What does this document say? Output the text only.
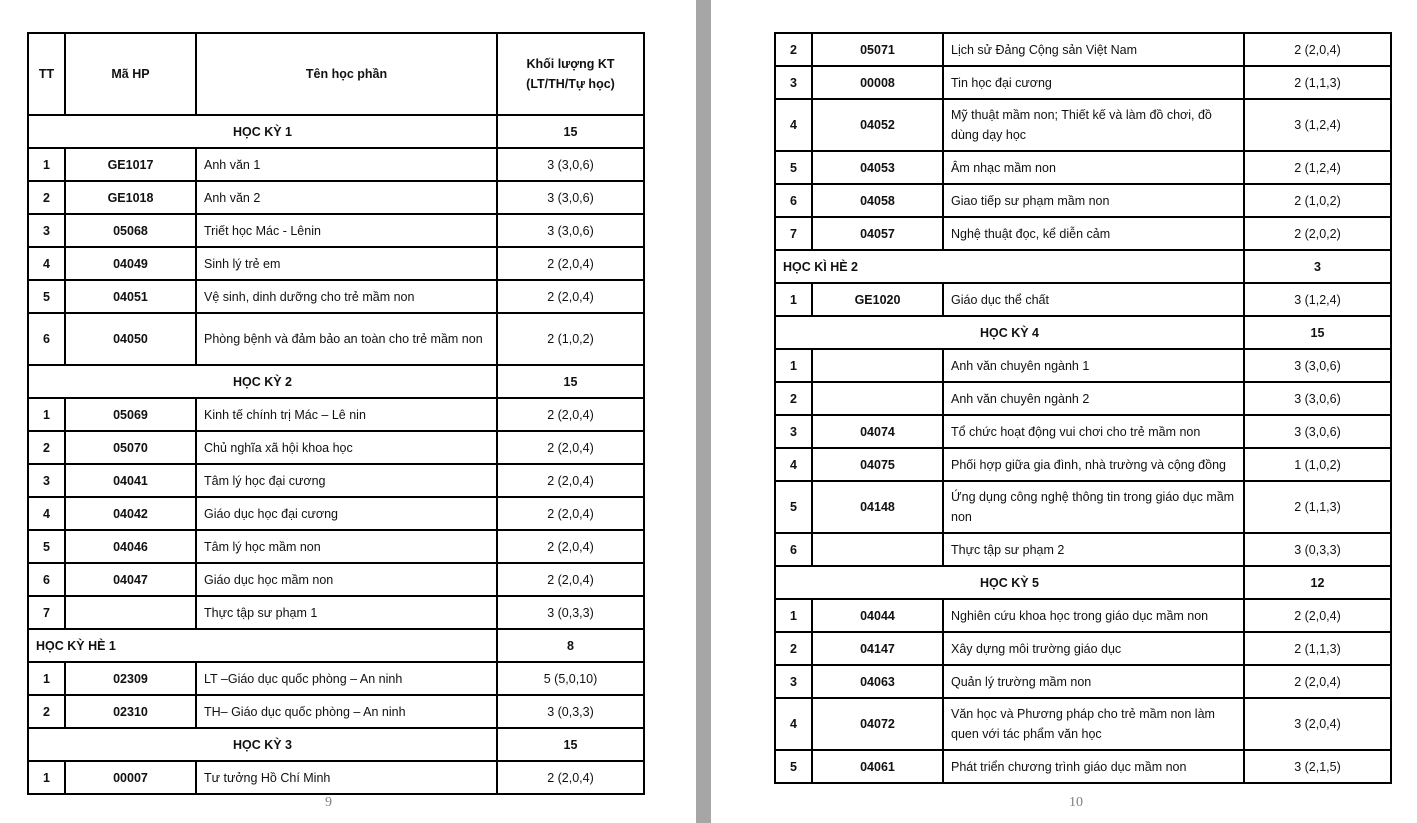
TT	Mã HP	Tên học phần	Khối lượng KT
(LT/TH/Tự học)

HỌC KỲ 1			15
1	GE1017	Anh văn 1	3 (3,0,6)
2	GE1018	Anh văn 2	3 (3,0,6)
3	05068	Triết học Mác - Lênin	3 (3,0,6)
4	04049	Sinh lý trẻ em	2 (2,0,4)
5	04051	Vệ sinh, dinh dưỡng cho trẻ mầm non	2 (2,0,4)
6	04050	Phòng bệnh và đảm bảo an toàn cho trẻ mầm non	2 (1,0,2)
HỌC KỲ 2			15
1	05069	Kinh tế chính trị Mác – Lê nin	2 (2,0,4)
2	05070	Chủ nghĩa xã hội khoa học	2 (2,0,4)
3	04041	Tâm lý học đại cương	2 (2,0,4)
4	04042	Giáo dục học đại cương	2 (2,0,4)
5	04046	Tâm lý học mầm non	2 (2,0,4)
6	04047	Giáo dục học mầm non	2 (2,0,4)
7		Thực tập sư phạm 1	3 (0,3,3)
HỌC KỲ HÈ 1			8
1	02309	LT –Giáo dục quốc phòng – An ninh	5 (5,0,10)
2	02310	TH– Giáo dục quốc phòng – An ninh	3 (0,3,3)
HỌC KỲ 3			15
1	00007	Tư tưởng Hồ Chí Minh	2 (2,0,4)
9
2	05071	Lịch sử Đảng Cộng sản Việt Nam	2 (2,0,4)
3	00008	Tin học đại cương	2 (1,1,3)
4	04052	Mỹ thuật mầm non; Thiết kế và làm đồ chơi, đồ dùng dạy học	3 (1,2,4)
5	04053	Âm nhạc mầm non	2 (1,2,4)
6	04058	Giao tiếp sư phạm mầm non	2 (1,0,2)
7	04057	Nghệ thuật đọc, kể diễn cảm	2 (2,0,2)
HỌC KÌ HÈ 2			3
1	GE1020	Giáo dục thể chất	3 (1,2,4)
HỌC KỲ 4			15
1		Anh văn chuyên ngành 1	3 (3,0,6)
2		Anh văn chuyên ngành 2	3 (3,0,6)
3	04074	Tổ chức hoạt động vui chơi cho trẻ mầm non	3 (3,0,6)
4	04075	Phối hợp giữa gia đình, nhà trường và cộng đồng	1 (1,0,2)
5	04148	Ứng dụng công nghệ thông tin trong giáo dục mầm non	2 (1,1,3)
6		Thực tập sư phạm 2	3 (0,3,3)
HỌC KỲ 5			12
1	04044	Nghiên cứu khoa học trong giáo dục mầm non	2 (2,0,4)
2	04147	Xây dựng môi trường giáo dục	2 (1,1,3)
3	04063	Quản lý trường mầm non	2 (2,0,4)
4	04072	Văn học và Phương pháp cho trẻ mầm non làm quen với tác phẩm văn học	3 (2,0,4)
5	04061	Phát triển chương trình giáo dục mầm non	3 (2,1,5)
10
